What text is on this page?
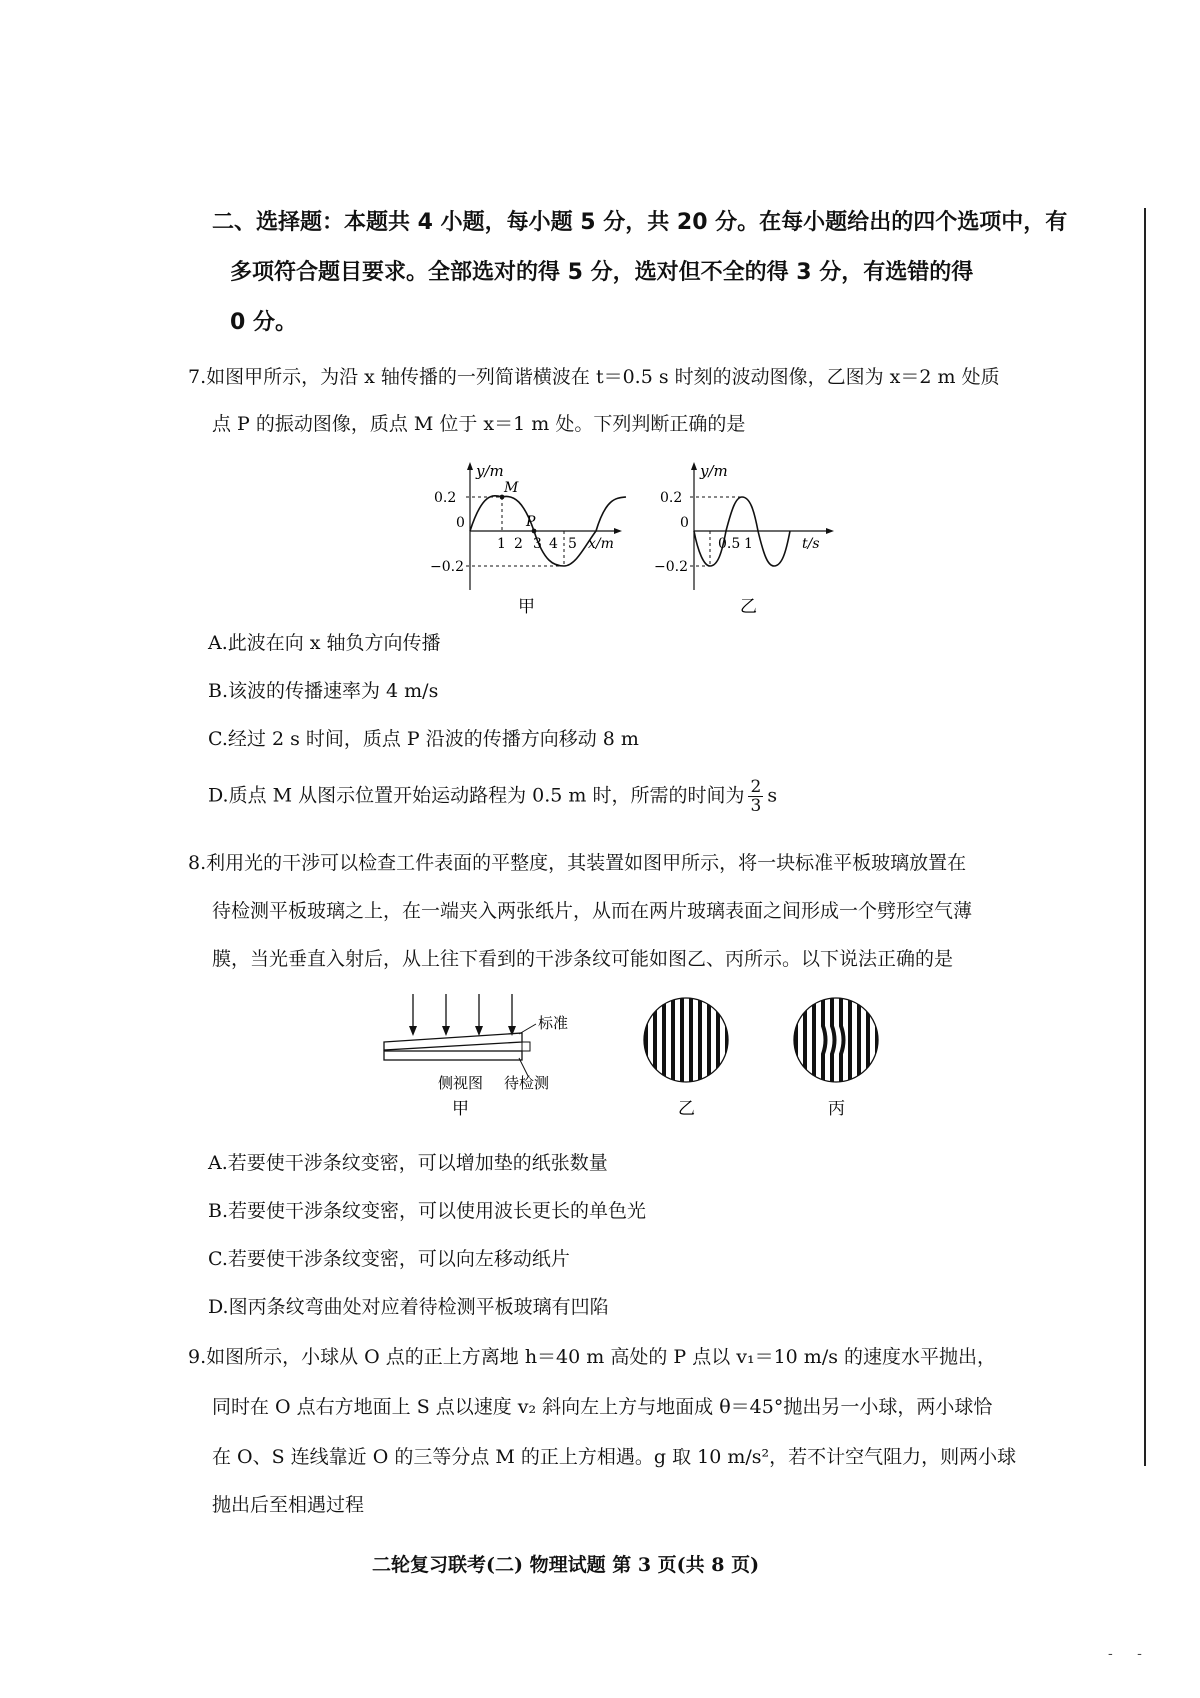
二、选择题：本题共 4 小题，每小题 5 分，共 20 分。在每小题给出的四个选项中，有
多项符合题目要求。全部选对的得 5 分，选对但不全的得 3 分，有选错的得
0 分。
7.如图甲所示，为沿 x 轴传播的一列简谐横波在 t＝0.5 s 时刻的波动图像，乙图为 x＝2 m 处质
点 P 的振动图像，质点 M 位于 x＝1 m 处。下列判断正确的是
y/m
M
P
0.2
0
−0.2
1 2 3 4 5 x/m
甲
y/m
0.2
0
−0.2
0.5 1	t/s
乙
A.此波在向 x 轴负方向传播
B.该波的传播速率为 4 m/s
C.经过 2 s 时间，质点 P 沿波的传播方向移动 8 m
D.质点 M 从图示位置开始运动路程为 0.5 m 时，所需的时间为 $\frac{2}{3}$ s
8.利用光的干涉可以检查工件表面的平整度，其装置如图甲所示，将一块标准平板玻璃放置在
待检测平板玻璃之上，在一端夹入两张纸片，从而在两片玻璃表面之间形成一个劈形空气薄
膜，当光垂直入射后，从上往下看到的干涉条纹可能如图乙、丙所示。以下说法正确的是
标准
侧视图 待检测
甲	乙	丙
A.若要使干涉条纹变密，可以增加垫的纸张数量
B.若要使干涉条纹变密，可以使用波长更长的单色光
C.若要使干涉条纹变密，可以向左移动纸片
D.图丙条纹弯曲处对应着待检测平板玻璃有凹陷
9.如图所示，小球从 O 点的正上方离地 h＝40 m 高处的 P 点以 v₁＝10 m/s 的速度水平抛出，
同时在 O 点右方地面上 S 点以速度 v₂ 斜向左上方与地面成 θ＝45°抛出另一小球，两小球恰
在 O、S 连线靠近 O 的三等分点 M 的正上方相遇。g 取 10 m/s²，若不计空气阻力，则两小球
抛出后至相遇过程
二轮复习联考(二) 物理试题 第 3 页(共 8 页)
- -
